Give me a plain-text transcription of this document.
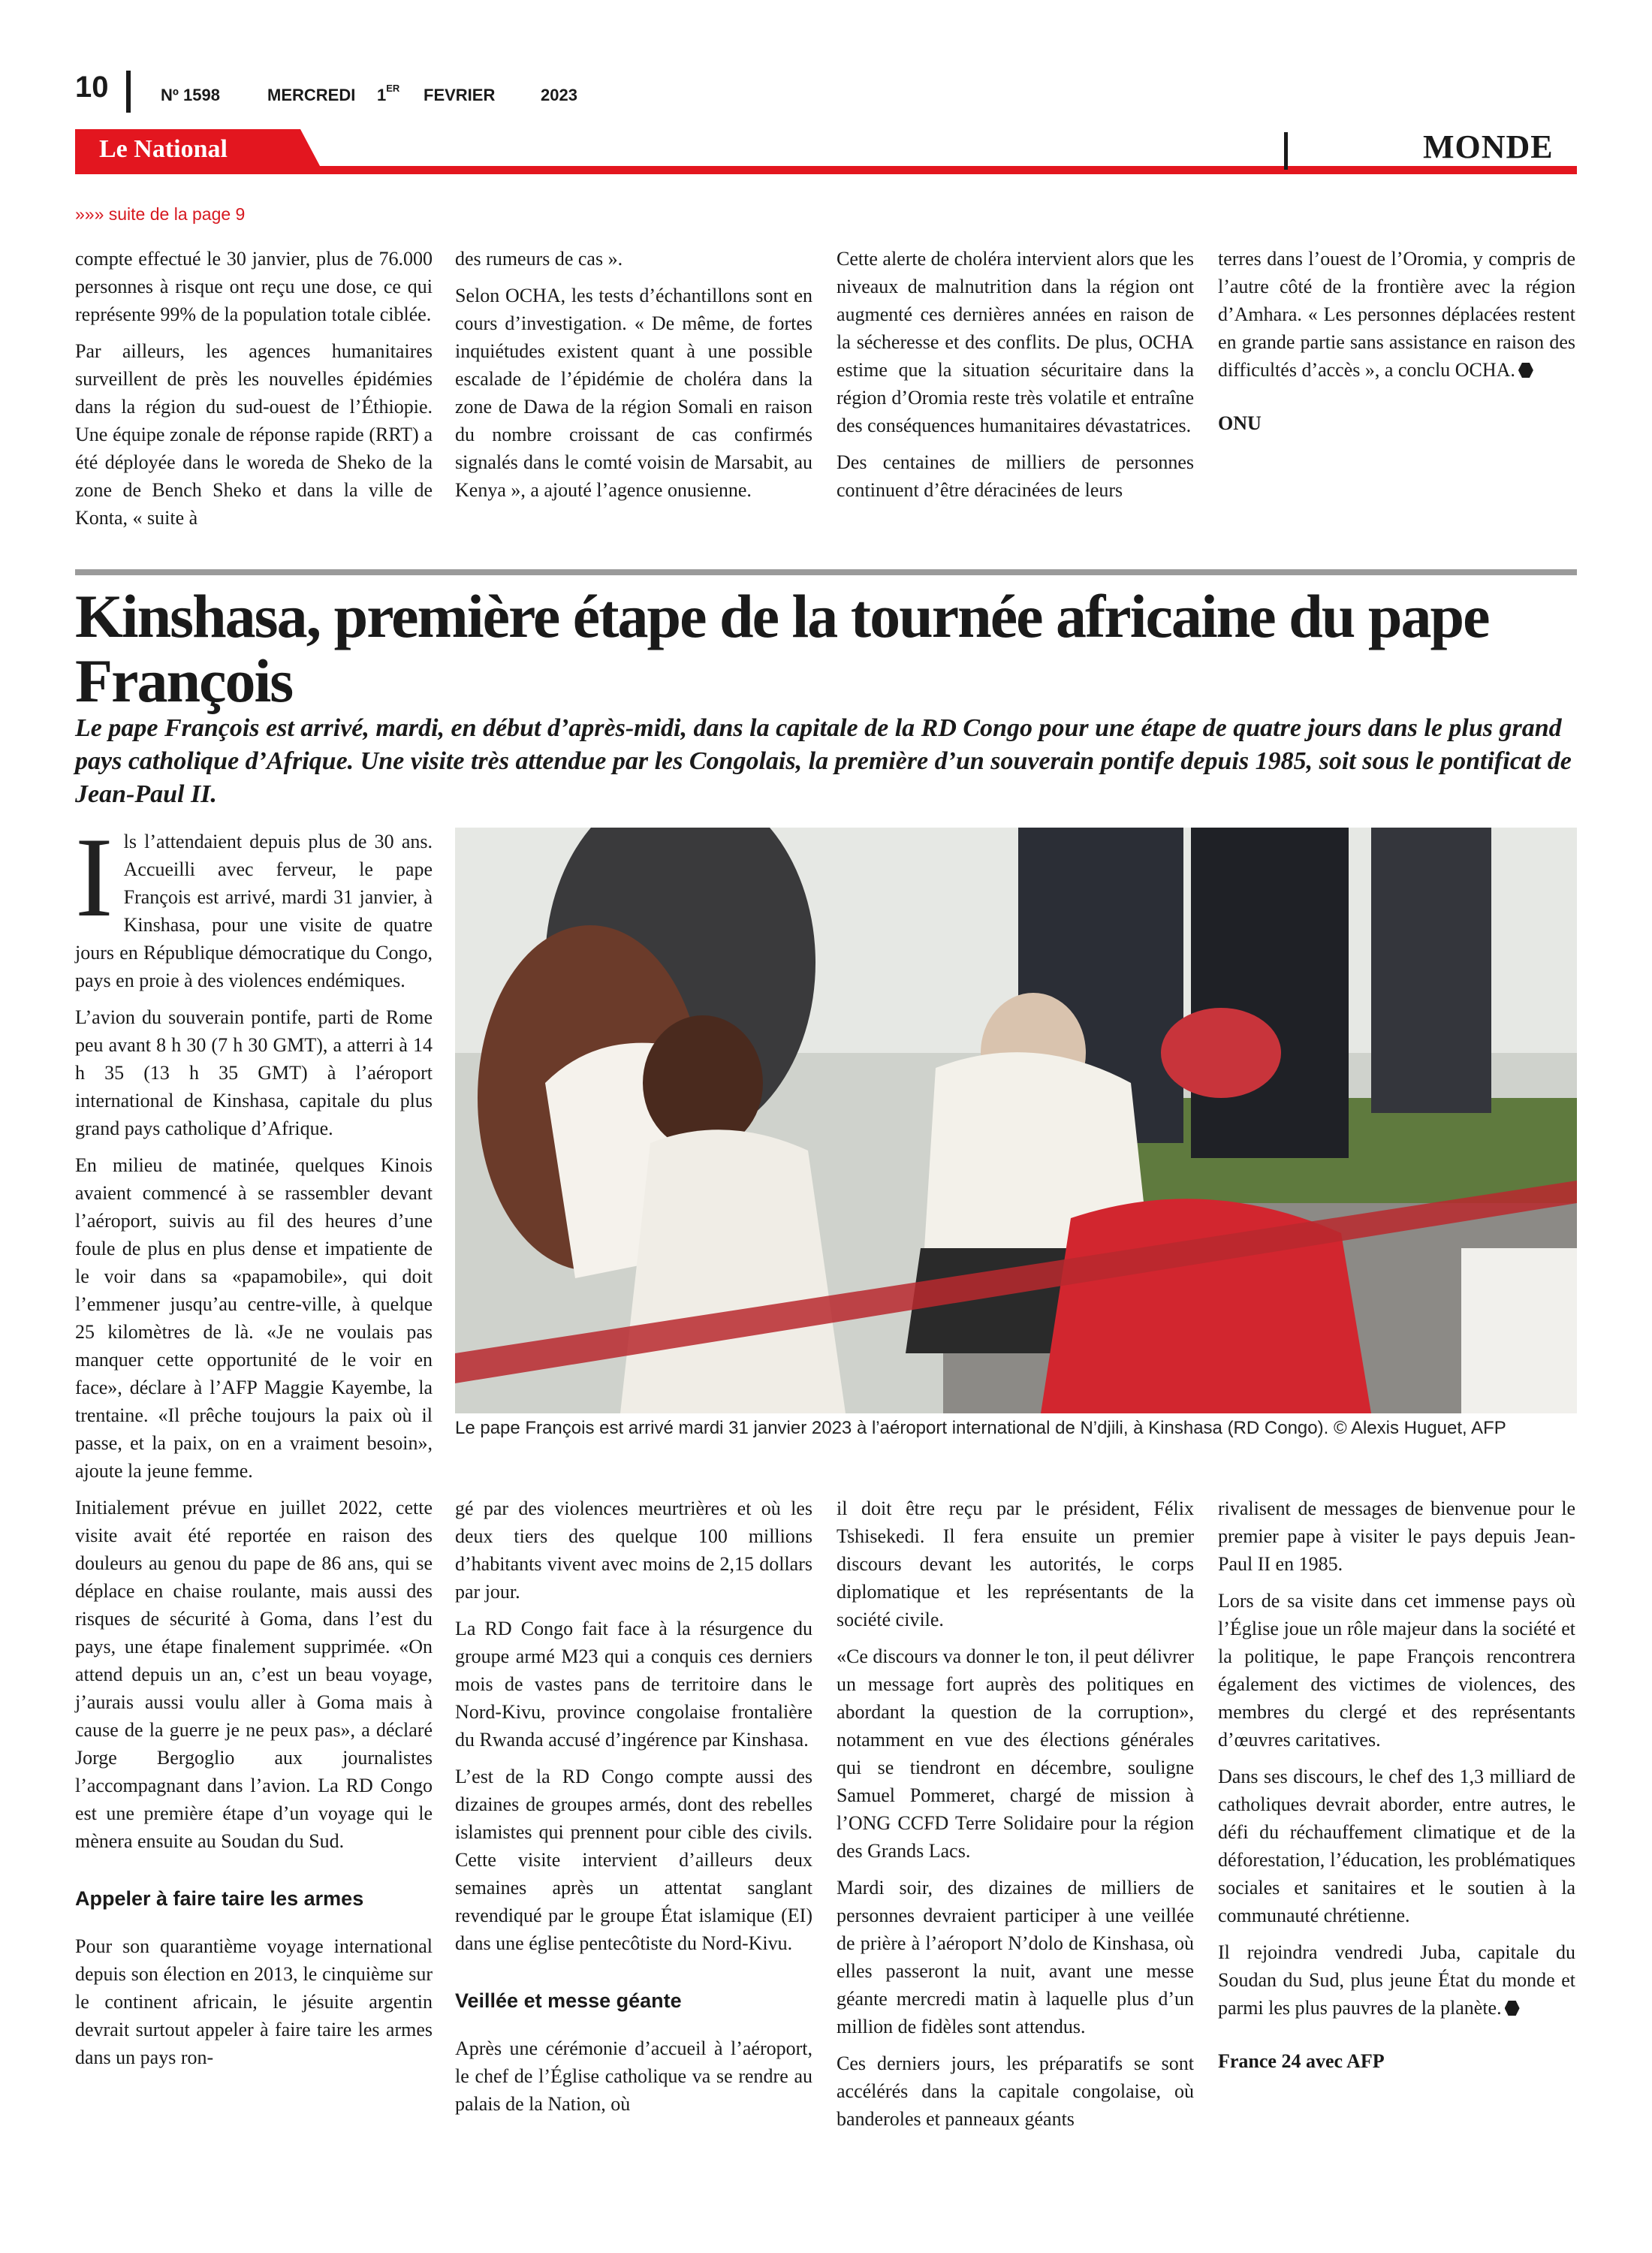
10	Nº 1598	MERCREDI 1ER FEVRIER	2023
Le National	MONDE
»»» suite de la page 9

compte effectué le 30 janvier, plus de 76.000 personnes à risque ont reçu une dose, ce qui représente 99% de la population totale ciblée.

Par ailleurs, les agences humanitaires surveillent de près les nouvelles épidémies dans la région du sud-ouest de l’Éthiopie. Une équipe zonale de réponse rapide (RRT) a été déployée dans le woreda de Sheko de la zone de Bench Sheko et dans la ville de Konta, « suite à

des rumeurs de cas ».

Selon OCHA, les tests d’échantillons sont en cours d’investigation. « De même, de fortes inquiétudes existent quant à une possible escalade de l’épidémie de choléra dans la zone de Dawa de la région Somali en raison du nombre croissant de cas confirmés signalés dans le comté voisin de Marsabit, au Kenya », a ajouté l’agence onusienne.

Cette alerte de choléra intervient alors que les niveaux de malnutrition dans la région ont augmenté ces dernières années en raison de la sécheresse et des conflits. De plus, OCHA estime que la situation sécuritaire dans la région d’Oromia reste très volatile et entraîne des conséquences humanitaires dévastatrices.

Des centaines de milliers de personnes continuent d’être déracinées de leurs

terres dans l’ouest de l’Oromia, y compris de l’autre côté de la frontière avec la région d’Amhara. « Les personnes déplacées restent en grande partie sans assistance en raison des difficultés d’accès », a conclu OCHA.

ONU

Kinshasa, première étape de la tournée africaine du pape François
Le pape François est arrivé, mardi, en début d’après-midi, dans la capitale de la RD Congo pour une étape de quatre jours dans le plus grand pays catholique d’Afrique. Une visite très attendue par les Congolais, la première d’un souverain pontife depuis 1985, soit sous le pontificat de Jean-Paul II.
Le pape François est arrivé mardi 31 janvier 2023 à l’aéroport international de N’djili, à Kinshasa (RD Congo). © Alexis Huguet, AFP

Ils l’attendaient depuis plus de 30 ans. Accueilli avec ferveur, le pape François est arrivé, mardi 31 janvier, à Kinshasa, pour une visite de quatre jours en République démocratique du Congo, pays en proie à des violences endémiques.

L’avion du souverain pontife, parti de Rome peu avant 8 h 30 (7 h 30 GMT), a atterri à 14 h 35 (13 h 35 GMT) à l’aéroport international de Kinshasa, capitale du plus grand pays catholique d’Afrique.

En milieu de matinée, quelques Kinois avaient commencé à se rassembler devant l’aéroport, suivis au fil des heures d’une foule de plus en plus dense et impatiente de le voir dans sa «papamobile», qui doit l’emmener jusqu’au centre-ville, à quelque 25 kilomètres de là. «Je ne voulais pas manquer cette opportunité de le voir en face», déclare à l’AFP Maggie Kayembe, la trentaine. «Il prêche toujours la paix où il passe, et la paix, on en a vraiment besoin», ajoute la jeune femme.

Initialement prévue en juillet 2022, cette visite avait été reportée en raison des douleurs au genou du pape de 86 ans, qui se déplace en chaise roulante, mais aussi des risques de sécurité à Goma, dans l’est du pays, une étape finalement supprimée. «On attend depuis un an, c’est un beau voyage, j’aurais aussi voulu aller à Goma mais à cause de la guerre je ne peux pas», a déclaré Jorge Bergoglio aux journalistes l’accompagnant dans l’avion. La RD Congo est une première étape d’un voyage qui le mènera ensuite au Soudan du Sud.

Appeler à faire taire les armes

Pour son quarantième voyage international depuis son élection en 2013, le cinquième sur le continent africain, le jésuite argentin devrait surtout appeler à faire taire les armes dans un pays ron-

gé par des violences meurtrières et où les deux tiers des quelque 100 millions d’habitants vivent avec moins de 2,15 dollars par jour.

La RD Congo fait face à la résurgence du groupe armé M23 qui a conquis ces derniers mois de vastes pans de territoire dans le Nord-Kivu, province congolaise frontalière du Rwanda accusé d’ingérence par Kinshasa.

L’est de la RD Congo compte aussi des dizaines de groupes armés, dont des rebelles islamistes qui prennent pour cible des civils. Cette visite intervient d’ailleurs deux semaines après un attentat sanglant revendiqué par le groupe État islamique (EI) dans une église pentecôtiste du Nord-Kivu.

Veillée et messe géante

Après une cérémonie d’accueil à l’aéroport, le chef de l’Église catholique va se rendre au palais de la Nation, où

il doit être reçu par le président, Félix Tshisekedi. Il fera ensuite un premier discours devant les autorités, le corps diplomatique et les représentants de la société civile.

«Ce discours va donner le ton, il peut délivrer un message fort auprès des politiques en abordant la question de la corruption», notamment en vue des élections générales qui se tiendront en décembre, souligne Samuel Pommeret, chargé de mission à l’ONG CCFD Terre Solidaire pour la région des Grands Lacs.

Mardi soir, des dizaines de milliers de personnes devraient participer à une veillée de prière à l’aéroport N’dolo de Kinshasa, où elles passeront la nuit, avant une messe géante mercredi matin à laquelle plus d’un million de fidèles sont attendus.

Ces derniers jours, les préparatifs se sont accélérés dans la capitale congolaise, où banderoles et panneaux géants

rivalisent de messages de bienvenue pour le premier pape à visiter le pays depuis Jean-Paul II en 1985.

Lors de sa visite dans cet immense pays où l’Église joue un rôle majeur dans la société et la politique, le pape François rencontrera également des victimes de violences, des membres du clergé et des représentants d’œuvres caritatives.

Dans ses discours, le chef des 1,3 milliard de catholiques devrait aborder, entre autres, le défi du réchauffement climatique et de la déforestation, l’éducation, les problématiques sociales et sanitaires et le soutien à la communauté chrétienne.

Il rejoindra vendredi Juba, capitale du Soudan du Sud, plus jeune État du monde et parmi les plus pauvres de la planète.

France 24 avec AFP
